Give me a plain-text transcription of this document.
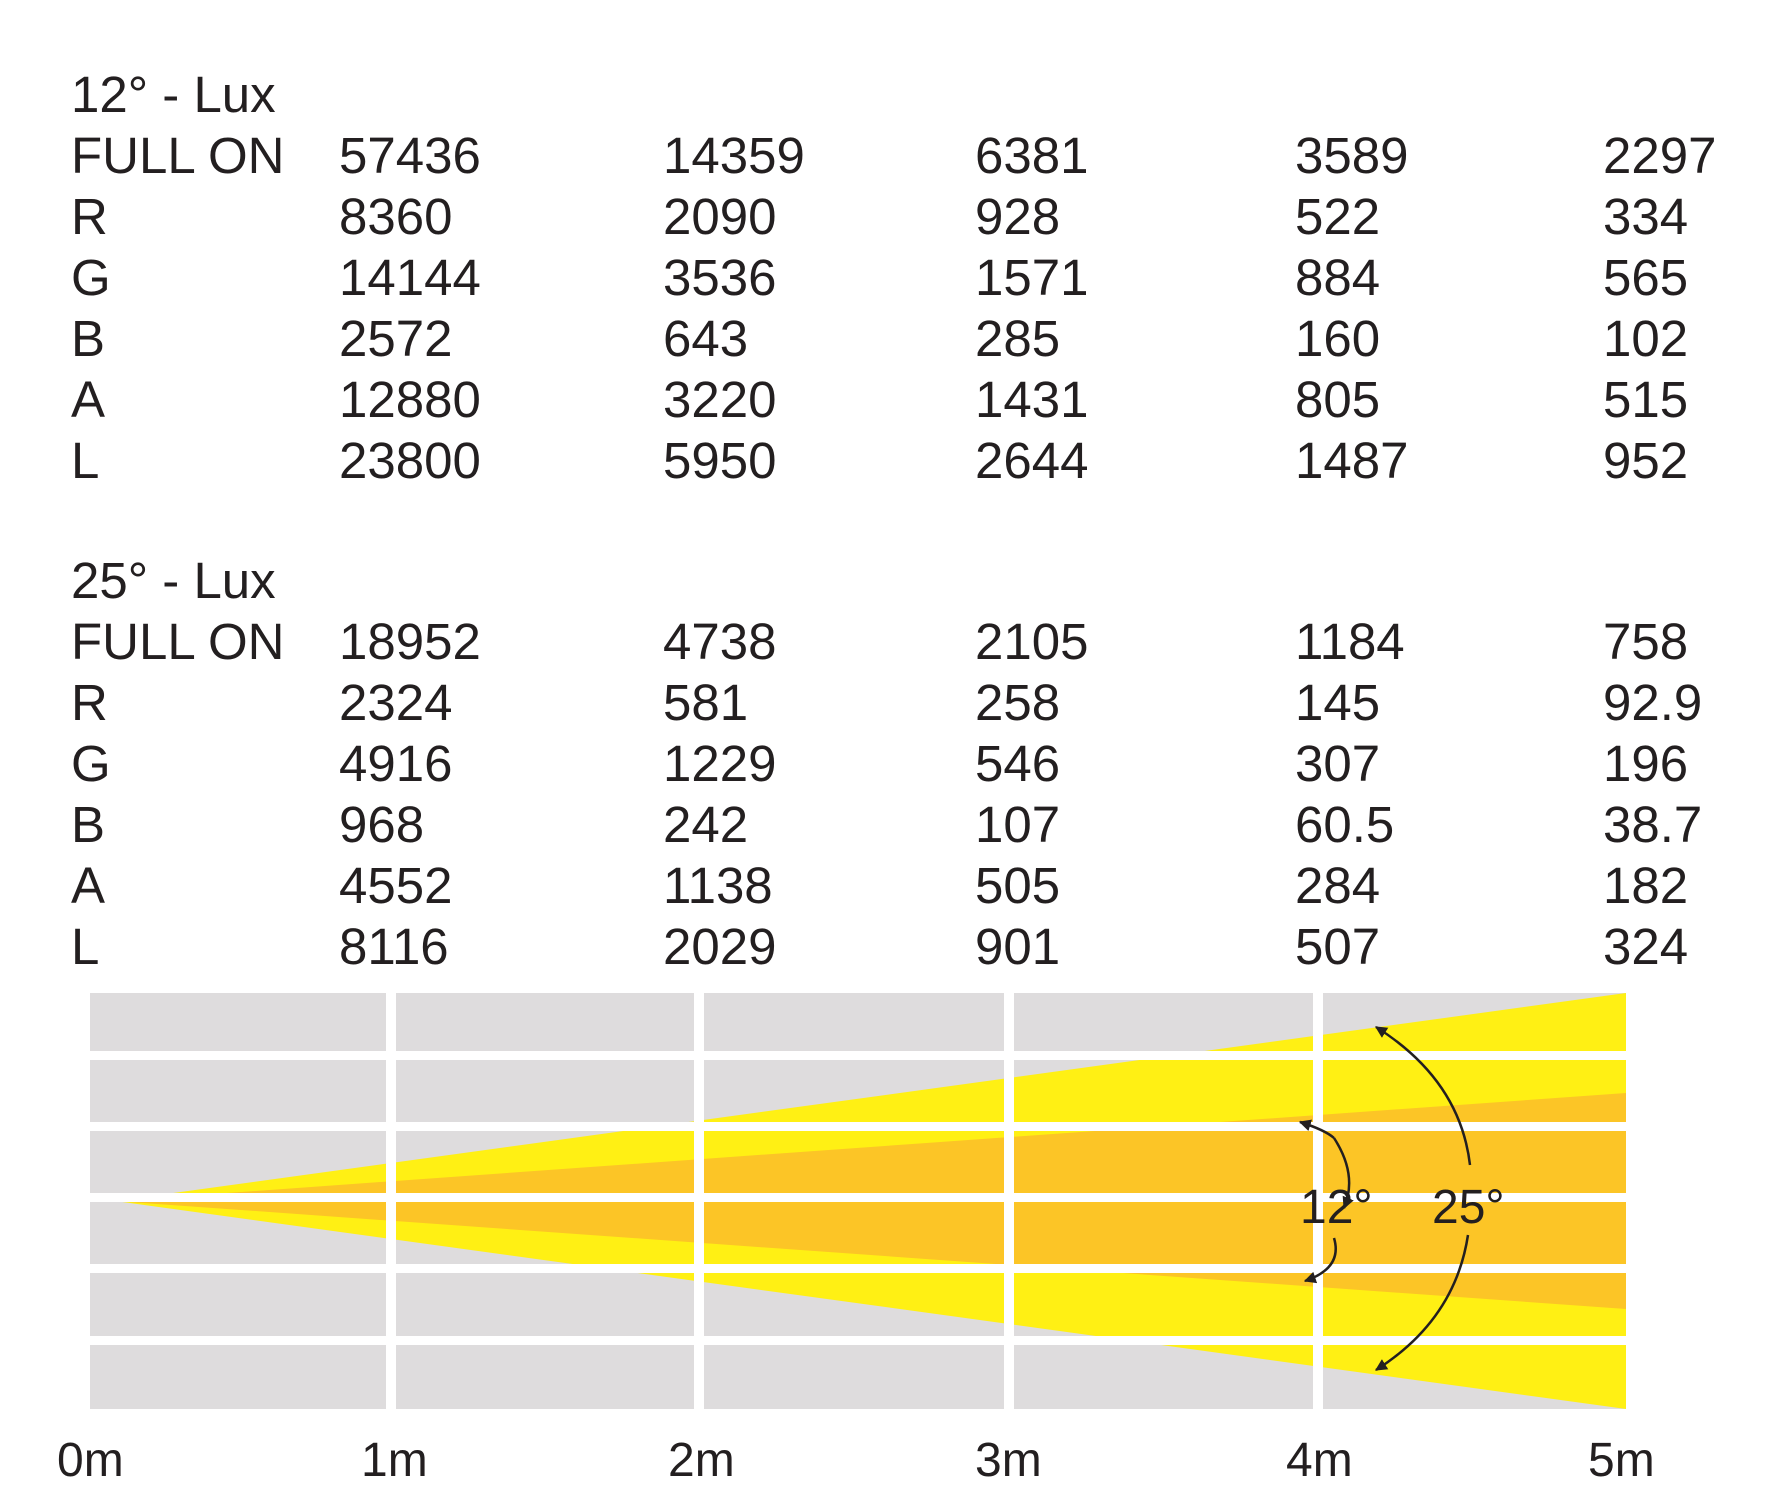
12° - Lux
FULL ON 57436	14359	6381	3589	2297
R	8360	2090	928	522	334
G	14144	3536	1571	884	565
B	2572	643	285	160	102
A	12880	3220	1431	805	515
L	23800	5950	2644	1487	952
25° - Lux
FULL ON 18952	4738	2105	1184	758
R	2324	581	258	145	92.9
G	4916	1229	546	307	196
B	968	242	107	60.5	38.7
A	4552	1138	505	284	182
L	8116	2029	901	507	324
12° 25°
0m	1m	2m	3m	4m	5m
